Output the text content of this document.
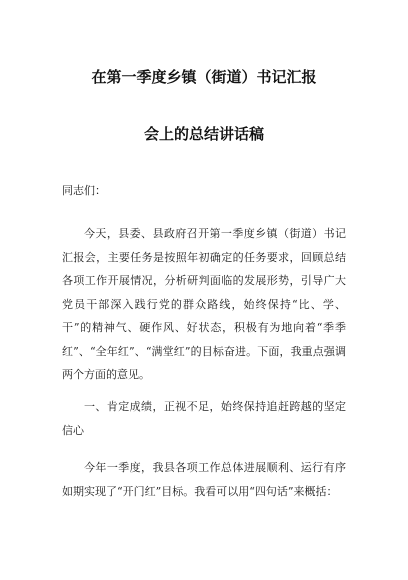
在第一季度乡镇（街道）书记汇报
会上的总结讲话稿

同志们：

今天，县委、县政府召开第一季度乡镇（街道）书记汇报会，主要任务是按照年初确定的任务要求，回顾总结各项工作开展情况，分析研判面临的发展形势，引导广大党员干部深入践行党的群众路线，始终保持“比、学、干”的精神气、硬作风、好状态，积极有为地向着“季季红”、“全年红”、“满堂红”的目标奋进。下面，我重点强调两个方面的意见。

一、肯定成绩，正视不足，始终保持追赶跨越的坚定信心

今年一季度，我县各项工作总体进展顺利、运行有序如期实现了“开门红”目标。我看可以用“四句话”来概括：
